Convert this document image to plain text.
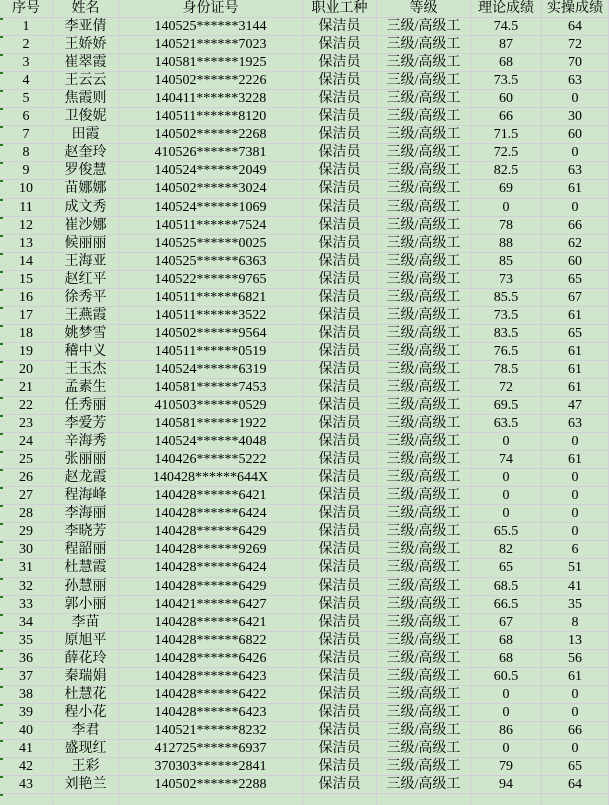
序号	姓名	身份证号	职业工种	等级	理论成绩	实操成绩

1	李亚倩	140525******3144	保洁员	三级/高级工	74.5	64

2	王娇娇	140521******7023	保洁员	三级/高级工	87	72

3	崔翠霞	140581******1925	保洁员	三级/高级工	68	70

4	王云云	140502******2226	保洁员	三级/高级工	73.5	63

5	焦霞则	140411******3228	保洁员	三级/高级工	60	0

6	卫俊妮	140511******8120	保洁员	三级/高级工	66	30

7	田霞	140502******2268	保洁员	三级/高级工	71.5	60

8	赵奎玲	410526******7381	保洁员	三级/高级工	72.5	0

9	罗俊慧	140524******2049	保洁员	三级/高级工	82.5	63

10	苗娜娜	140502******3024	保洁员	三级/高级工	69	61

11	成文秀	140524******1069	保洁员	三级/高级工	0	0

12	崔沙娜	140511******7524	保洁员	三级/高级工	78	66

13	候丽丽	140525******0025	保洁员	三级/高级工	88	62

14	王海亚	140525******6363	保洁员	三级/高级工	85	60

15	赵红平	140522******9765	保洁员	三级/高级工	73	65

16	徐秀平	140511******6821	保洁员	三级/高级工	85.5	67

17	王燕霞	140511******3522	保洁员	三级/高级工	73.5	61

18	姚梦雪	140502******9564	保洁员	三级/高级工	83.5	65

19	稽中义	140511******0519	保洁员	三级/高级工	76.5	61

20	王玉杰	140524******6319	保洁员	三级/高级工	78.5	61

21	孟素生	140581******7453	保洁员	三级/高级工	72	61

22	任秀丽	410503******0529	保洁员	三级/高级工	69.5	47

23	李爱芳	140581******1922	保洁员	三级/高级工	63.5	63

24	辛海秀	140524******4048	保洁员	三级/高级工	0	0

25	张丽丽	140426******5222	保洁员	三级/高级工	74	61

26	赵龙霞	140428******644X	保洁员	三级/高级工	0	0

27	程海峰	140428******6421	保洁员	三级/高级工	0	0

28	李海丽	140428******6424	保洁员	三级/高级工	0	0

29	李晓芳	140428******6429	保洁员	三级/高级工	65.5	0

30	程韶丽	140428******9269	保洁员	三级/高级工	82	6

31	杜慧霞	140428******6424	保洁员	三级/高级工	65	51

32	孙慧丽	140428******6429	保洁员	三级/高级工	68.5	41

33	郭小丽	140421******6427	保洁员	三级/高级工	66.5	35

34	李苗	140428******6421	保洁员	三级/高级工	67	8

35	原旭平	140428******6822	保洁员	三级/高级工	68	13

36	薛花玲	140428******6426	保洁员	三级/高级工	68	56

37	秦瑞娟	140428******6423	保洁员	三级/高级工	60.5	61

38	杜慧花	140428******6422	保洁员	三级/高级工	0	0

39	程小花	140428******6423	保洁员	三级/高级工	0	0

40	李君	140521******8232	保洁员	三级/高级工	86	66

41	盛现红	412725******6937	保洁员	三级/高级工	0	0

42	王彩	370303******2841	保洁员	三级/高级工	79	65

43	刘艳兰	140502******2288	保洁员	三级/高级工	94	64
